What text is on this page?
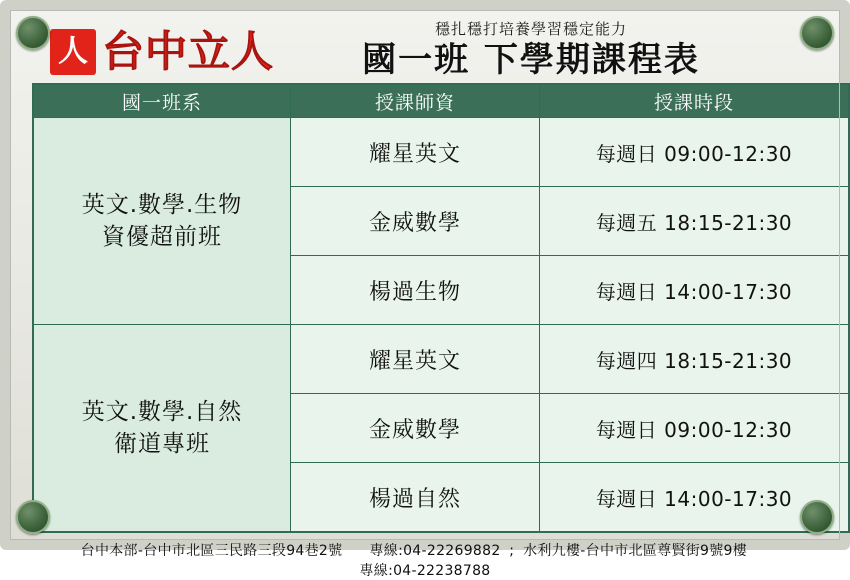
人 台中立人	穩扎穩打培養學習穩定能力
國一班 下學期課程表
國一班系	授課師資	授課時段

英文.數學.生物
資優超前班	耀星英文	每週日 09:00-12:30
	金威數學	每週五 18:15-21:30
	楊過生物	每週日 14:00-17:30

英文.數學.自然
衛道專班	耀星英文	每週四 18:15-21:30
	金威數學	每週日 09:00-12:30
	楊過自然	每週日 14:00-17:30
台中本部-台中市北區三民路三段94巷2號 專線:04-22269882 ; 水利九樓-台中市北區尊賢街9號9樓    專線:04-22238788
